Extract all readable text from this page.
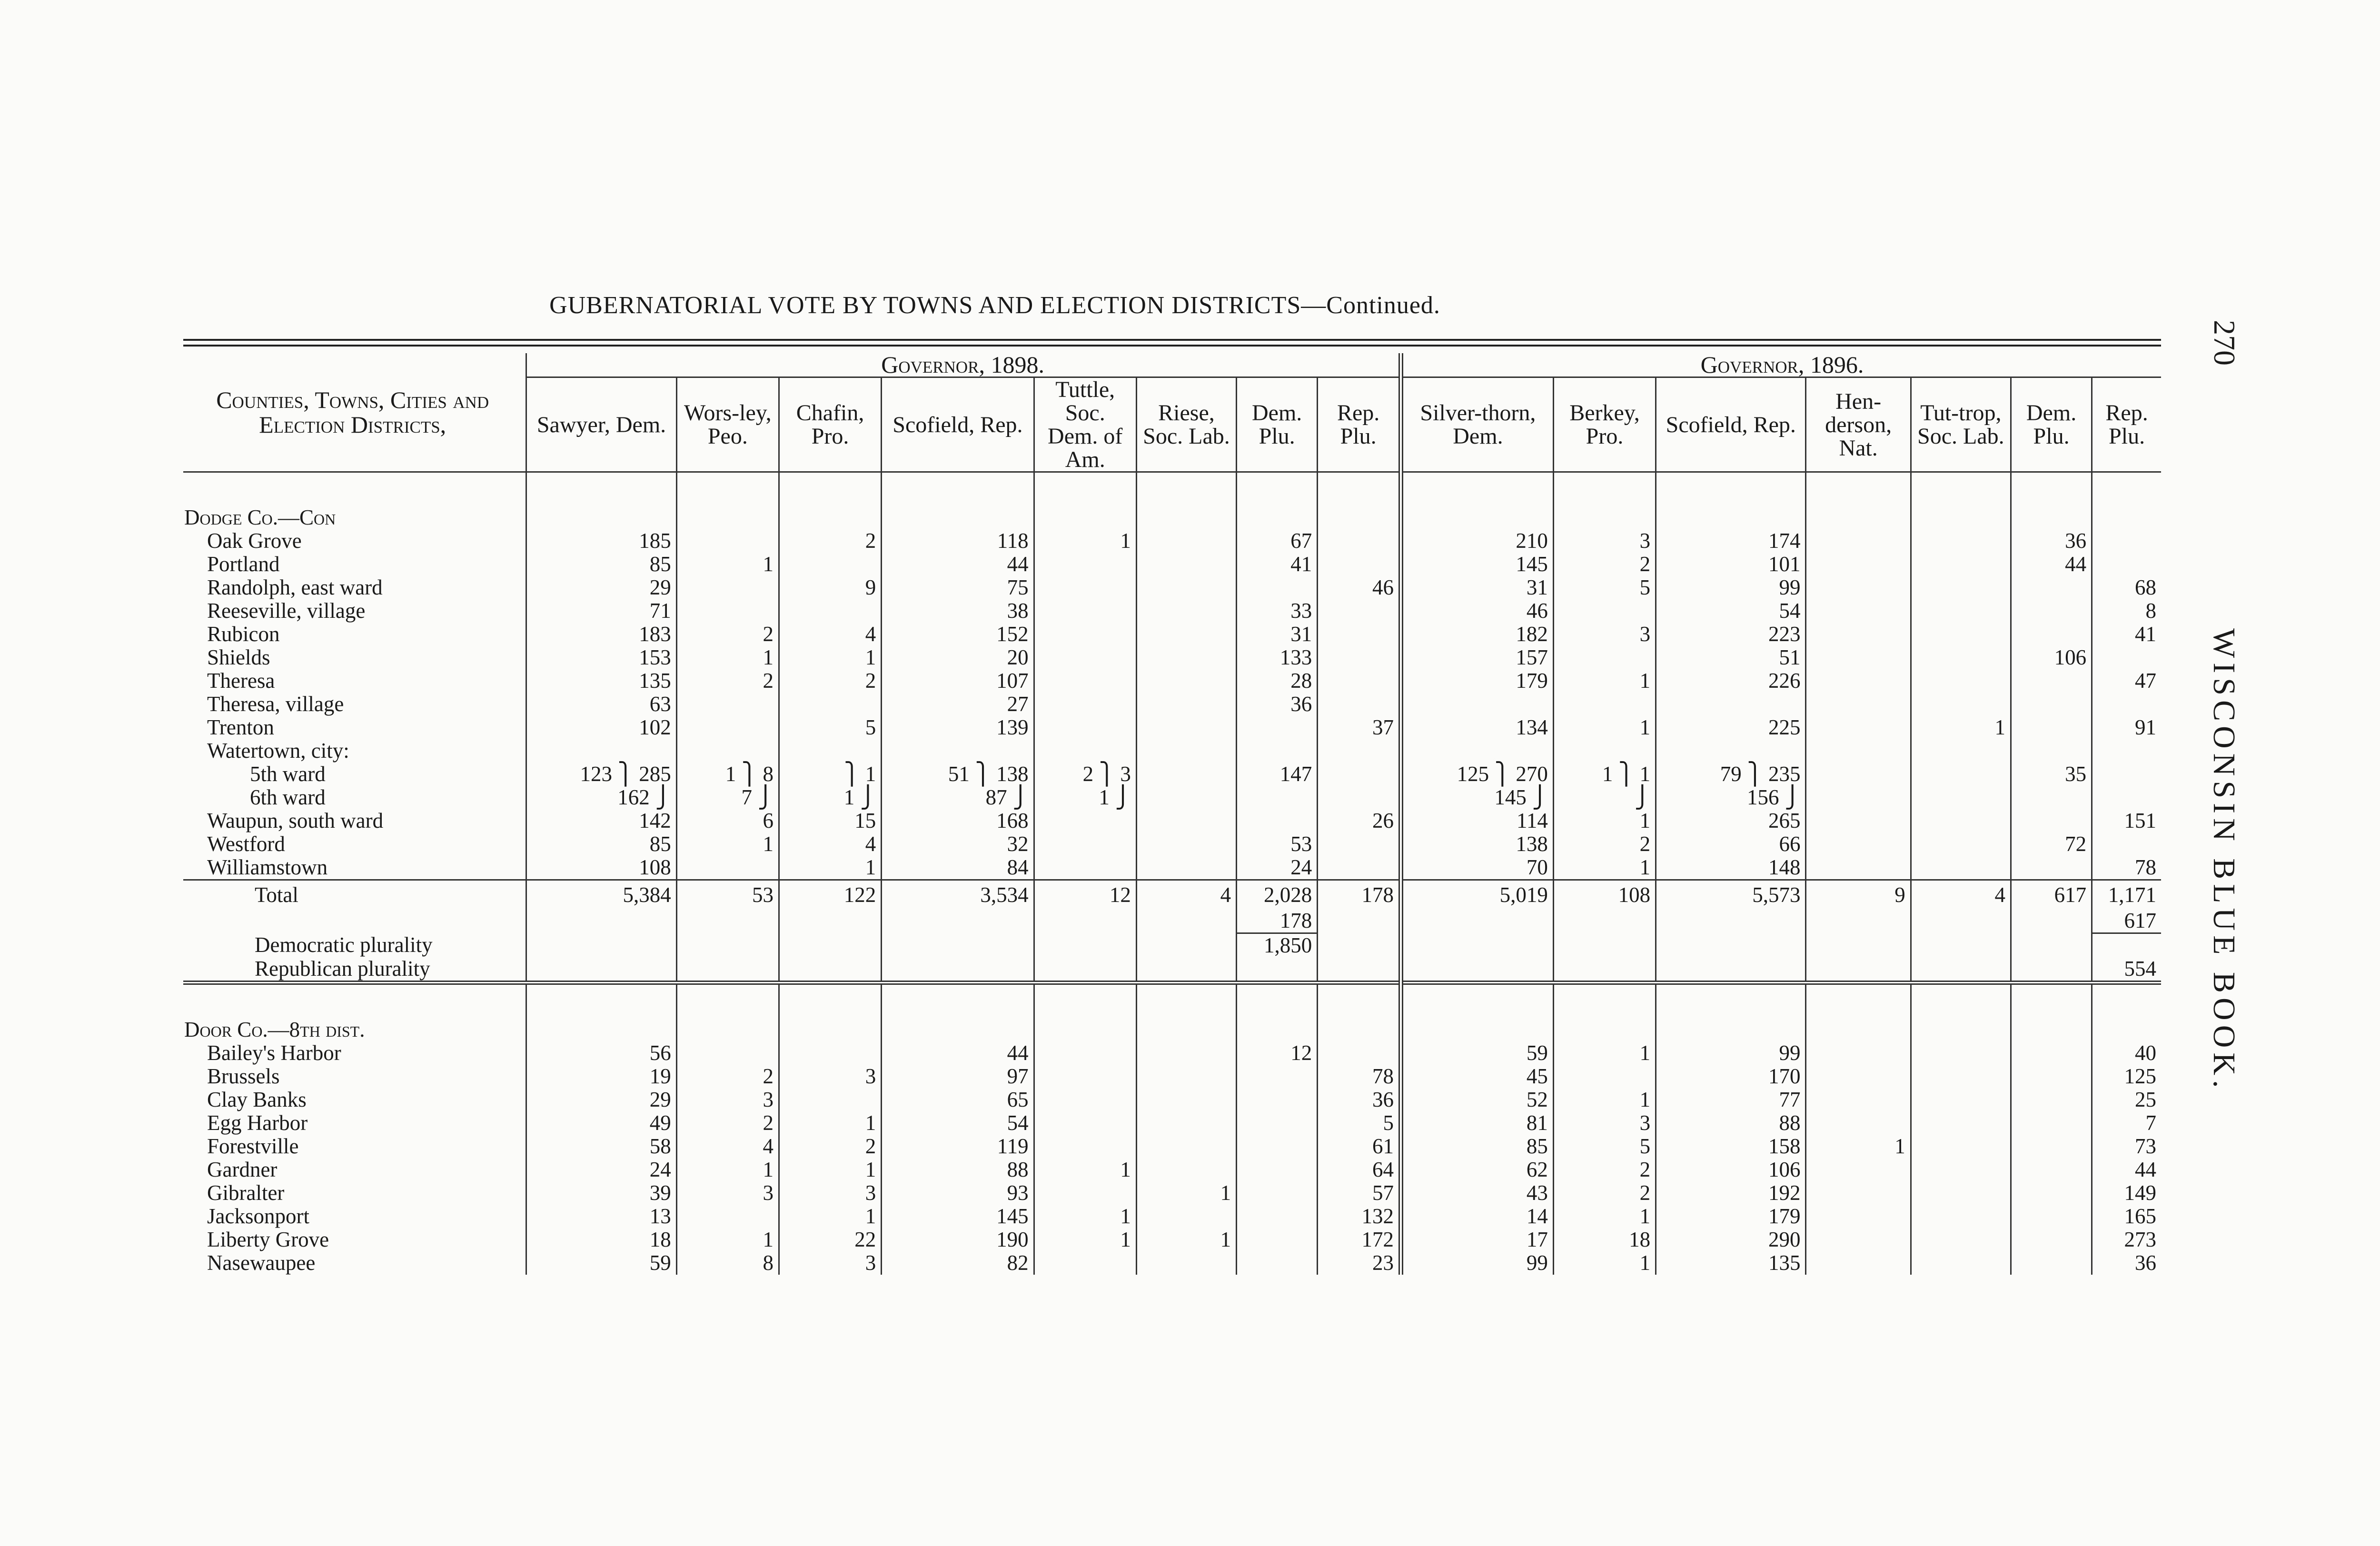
GUBERNATORIAL VOTE BY TOWNS AND ELECTION DISTRICTS—Continued.
270
WISCONSIN BLUE BOOK.
Counties, Towns, Cities and Election Districts,	Governor, 1898.								Governor, 1896.						
	Sawyer, Dem.	Wors-ley, Peo.	Chafin, Pro.	Scofield, Rep.	Tuttle, Soc. Dem. of Am.	Riese, Soc. Lab.	Dem. Plu.	Rep. Plu.	Silver-thorn, Dem.	Berkey, Pro.	Scofield, Rep.	Hen-derson, Nat.	Tut-trop, Soc. Lab.	Dem. Plu.	Rep. Plu.

Dodge Co.—Con															
Oak Grove	185		2	118	1		67		210	3	174			36	
Portland	85	1		44			41		145	2	101			44	
Randolph, east ward	29		9	75				46	31	5	99				68
Reeseville, village	71			38			33		46		54				8
Rubicon	183	2	4	152			31		182	3	223				41
Shields	153	1	1	20			133		157		51			106	
Theresa	135	2	2	107			28		179	1	226				47
Theresa, village	63			27			36								
Trenton	102		5	139				37	134	1	225		1		91
Watertown, city:															
5th ward	123 ⎫ 285	1 ⎫ 8	⎫ 1	51 ⎫ 138	2 ⎫ 3		147		125 ⎫ 270	1 ⎫ 1	79 ⎫ 235			35	
6th ward	162 ⎭	7 ⎭	1 ⎭	87 ⎭	1 ⎭				145 ⎭	⎭	156 ⎭				
Waupun, south ward	142	6	15	168				26	114	1	265				151
Westford	85	1	4	32			53		138	2	66			72	
Williamstown	108		1	84			24		70	1	148				78
Total	5,384	53	122	3,534	12	4	2,028	178	5,019	108	5,573	9	4	617	1,171
							178								617
Democratic plurality							1,850								
Republican plurality															554

Door Co.—8th dist.															
Bailey's Harbor	56			44			12		59	1	99				40
Brussels	19	2	3	97				78	45		170				125
Clay Banks	29	3		65				36	52	1	77				25
Egg Harbor	49	2	1	54				5	81	3	88				7
Forestville	58	4	2	119				61	85	5	158	1			73
Gardner	24	1	1	88	1			64	62	2	106				44
Gibralter	39	3	3	93		1		57	43	2	192				149
Jacksonport	13		1	145	1			132	14	1	179				165
Liberty Grove	18	1	22	190	1	1		172	17	18	290				273
Nasewaupee	59	8	3	82				23	99	1	135				36
